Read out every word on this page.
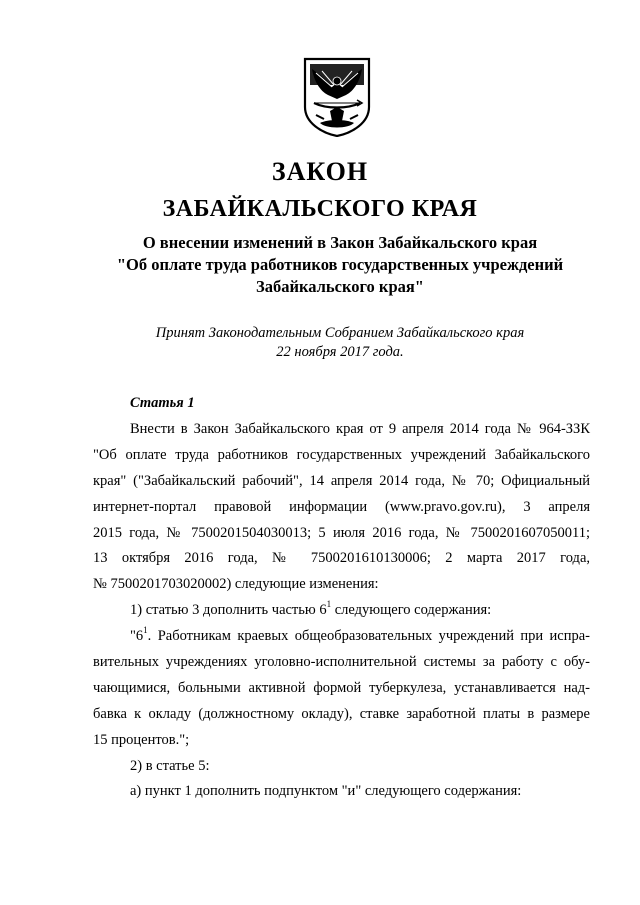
ЗАКОН
ЗАБАЙКАЛЬСКОГО КРАЯ
О внесении изменений в Закон Забайкальского края
"Об оплате труда работников государственных учреждений
Забайкальского края"
Принят Законодательным Собранием Забайкальского края
22 ноября 2017 года.
Статья 1
Внести в Закон Забайкальского края от 9 апреля 2014 года № 964-ЗЗК
"Об оплате труда работников государственных учреждений Забайкальского
края" ("Забайкальский рабочий", 14 апреля 2014 года, № 70; Официальный
интернет-портал правовой информации (www.pravo.gov.ru), 3 апреля
2015 года, № 7500201504030013; 5 июля 2016 года, № 7500201607050011;
13 октября 2016 года, № 7500201610130006; 2 марта 2017 года,
№ 7500201703020002) следующие изменения:
1) статью 3 дополнить частью $6^1$ следующего содержания:
"$6^1$. Работникам краевых общеобразовательных учреждений при испра-
вительных учреждениях уголовно-исполнительной системы за работу с обу-
чающимися, больными активной формой туберкулеза, устанавливается над-
бавка к окладу (должностному окладу), ставке заработной платы в размере
15 процентов.";
2) в статье 5:
а) пункт 1 дополнить подпунктом "и" следующего содержания:
